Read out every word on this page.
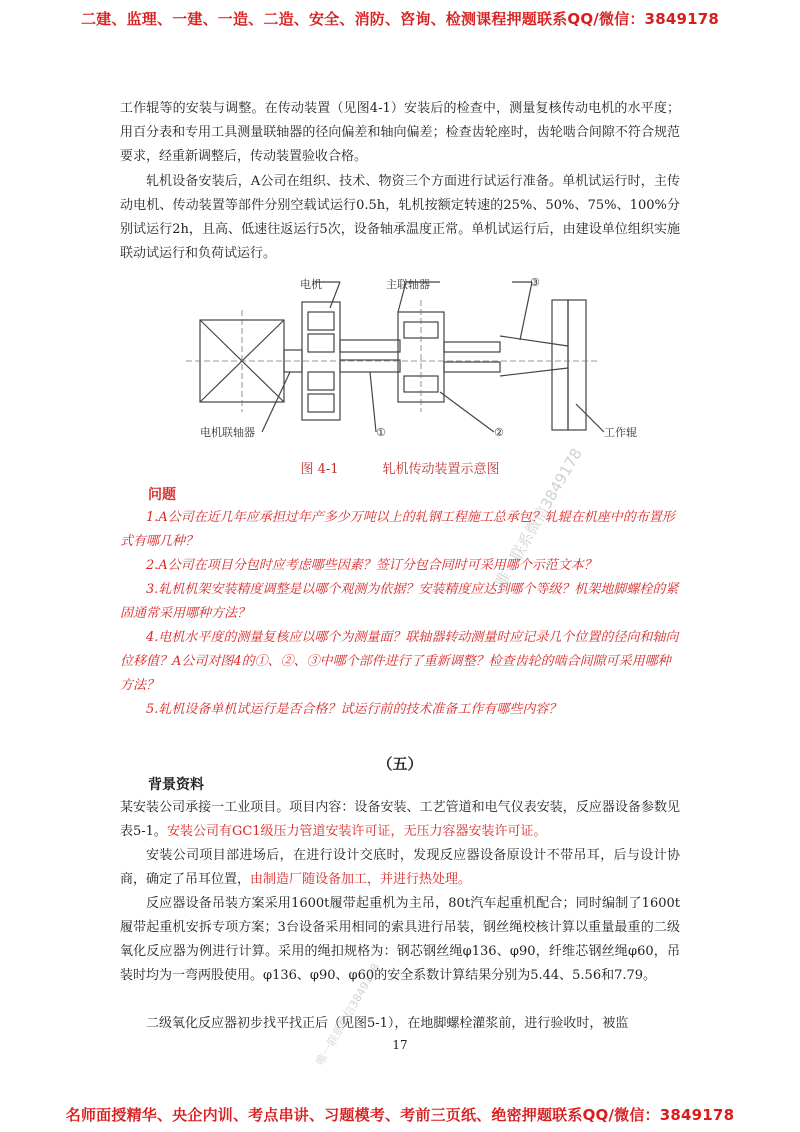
二建、监理、一建、一造、二造、安全、消防、咨询、检测课程押题联系QQ/微信：3849178

工作辊等的安装与调整。在传动装置（见图4-1）安装后的检查中，测量复核传动电机的水平度；用百分表和专用工具测量联轴器的径向偏差和轴向偏差；检查齿轮座时，齿轮啮合间隙不符合规范要求，经重新调整后，传动装置验收合格。

轧机设备安装后，A公司在组织、技术、物资三个方面进行试运行准备。单机试运行时，主传动电机、传动装置等部件分别空载试运行0.5h，轧机按额定转速的25%、50%、75%、100%分别试运行2h，且高、低速往返运行5次，设备轴承温度正常。单机试运行后，由建设单位组织实施联动试运行和负荷试运行。

电机	主联轴器	③
电机联轴器	①	②	工作辊
图 4-1	轧机传动装置示意图
问题

1.A公司在近几年应承担过年产多少万吨以上的轧钢工程施工总承包？轧辊在机座中的布置形式有哪几种？

2.A公司在项目分包时应考虑哪些因素？签订分包合同时可采用哪个示范文本？

3.轧机机架安装精度调整是以哪个观测为依据？安装精度应达到哪个等级？机架地脚螺栓的紧固通常采用哪种方法？

4.电机水平度的测量复核应以哪个为测量面？联轴器转动测量时应记录几个位置的径向和轴向位移值？A公司对图4的①、②、③中哪个部件进行了重新调整？检查齿轮的啮合间隙可采用哪种方法？

5.轧机设备单机试运行是否合格？试运行前的技术准备工作有哪些内容？

（五）
背景资料

某安装公司承接一工业项目。项目内容：设备安装、工艺管道和电气仪表安装，反应器设备参数见表5-1。安装公司有GC1级压力管道安装许可证，无压力容器安装许可证。

安装公司项目部进场后，在进行设计交底时，发现反应器设备原设计不带吊耳，后与设计协商，确定了吊耳位置，由制造厂随设备加工，并进行热处理。

反应器设备吊装方案采用1600t履带起重机为主吊，80t汽车起重机配合；同时编制了1600t履带起重机安拆专项方案；3台设备采用相同的索具进行吊装，钢丝绳校核计算以重量最重的二级氧化反应器为例进行计算。采用的绳扣规格为：钢芯钢丝绳φ136、φ90，纤维芯钢丝绳φ60，吊装时均为一弯两股使用。φ136、φ90、φ60的安全系数计算结果分别为5.44、5.56和7.79。

二级氧化反应器初步找平找正后（见图5-1），在地脚螺栓灌浆前，进行验收时，被监

17
唯一联系微信3849178
唯一联系微信3849178
名师面授精华、央企内训、考点串讲、习题模考、考前三页纸、绝密押题联系QQ/微信：3849178
